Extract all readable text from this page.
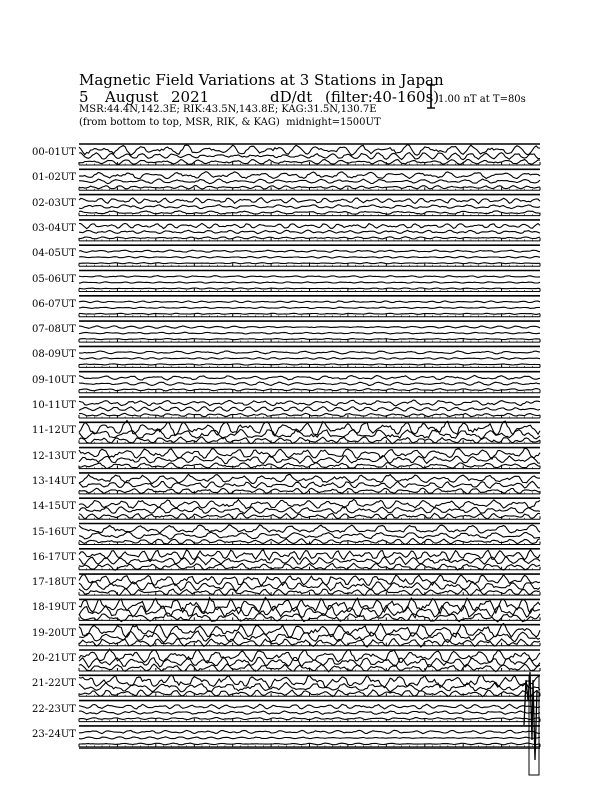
Magnetic Field Variations at 3 Stations in Japan
5 August 2021	dD/dt (filter:40-160s)
MSR:44.4N,142.3E; RIK:43.5N,143.8E; KAG:31.5N,130.7E
(from bottom to top, MSR, RIK, & KAG) midnight=1500UT
1.00 nT at T=80s
00-01UT
01-02UT
02-03UT
03-04UT
04-05UT
05-06UT
06-07UT
07-08UT
08-09UT
09-10UT
10-11UT
11-12UT
12-13UT
13-14UT
14-15UT
15-16UT
16-17UT
17-18UT
18-19UT
19-20UT
20-21UT
21-22UT
22-23UT
23-24UT
